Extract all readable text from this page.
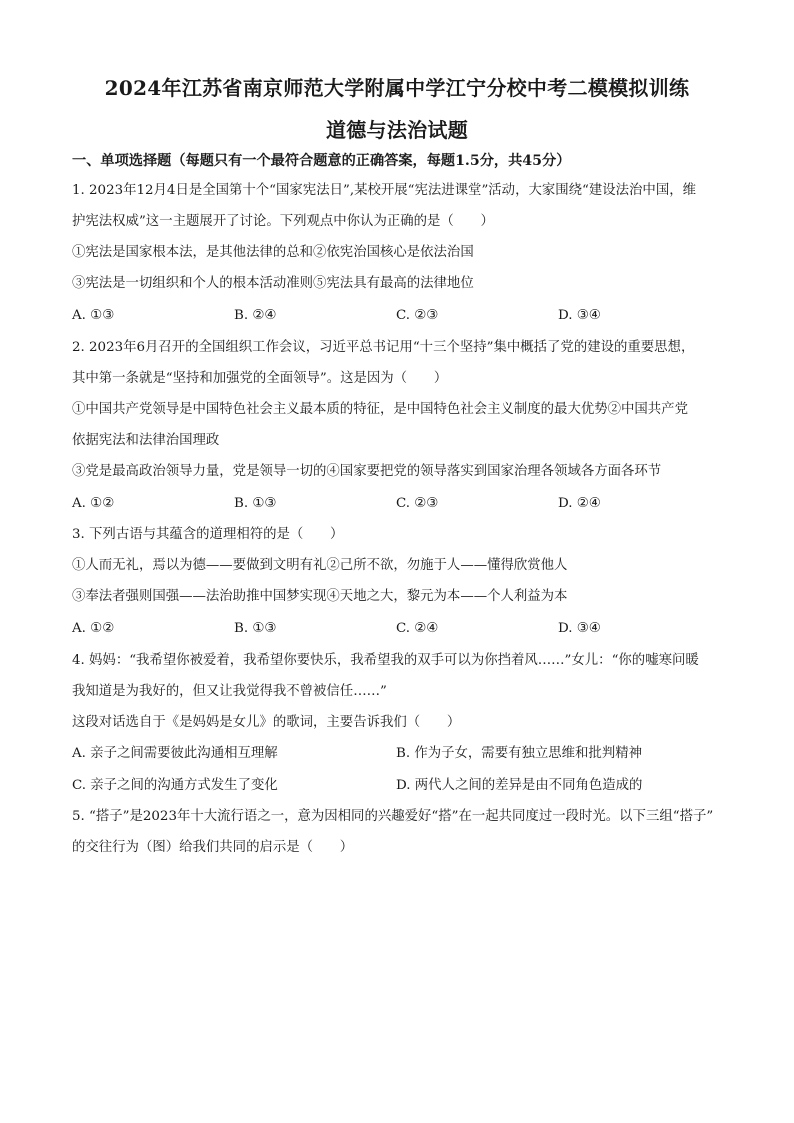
2024年江苏省南京师范大学附属中学江宁分校中考二模模拟训练
道德与法治试题
一、单项选择题（每题只有一个最符合题意的正确答案，每题1.5分，共45分）
1. 2023年12月4日是全国第十个“国家宪法日”,某校开展“宪法进课堂”活动，大家围绕“建设法治中国，维
护宪法权威”这一主题展开了讨论。下列观点中你认为正确的是（　　）
①宪法是国家根本法，是其他法律的总和②依宪治国核心是依法治国
③宪法是一切组织和个人的根本活动准则⑤宪法具有最高的法律地位
A. ①③	B. ②④	C. ②③	D. ③④
2. 2023年6月召开的全国组织工作会议，习近平总书记用“十三个坚持”集中概括了党的建设的重要思想，
其中第一条就是“坚持和加强党的全面领导”。这是因为（　　）
①中国共产党领导是中国特色社会主义最本质的特征，是中国特色社会主义制度的最大优势②中国共产党
依据宪法和法律治国理政
③党是最高政治领导力量，党是领导一切的④国家要把党的领导落实到国家治理各领域各方面各环节
A. ①②	B. ①③	C. ②③	D. ②④
3. 下列古语与其蕴含的道理相符的是（　　）
①人而无礼，焉以为德——要做到文明有礼②己所不欲，勿施于人——懂得欣赏他人
③奉法者强则国强——法治助推中国梦实现④天地之大，黎元为本——个人利益为本
A. ①②	B. ①③	C. ②④	D. ③④
4. 妈妈：“我希望你被爱着，我希望你要快乐，我希望我的双手可以为你挡着风……”女儿：“你的嘘寒问暖
我知道是为我好的，但又让我觉得我不曾被信任……”
这段对话选自于《是妈妈是女儿》的歌词，主要告诉我们（　　）
A. 亲子之间需要彼此沟通相互理解	B. 作为子女，需要有独立思维和批判精神
C. 亲子之间的沟通方式发生了变化	D. 两代人之间的差异是由不同角色造成的
5. “搭子”是2023年十大流行语之一，意为因相同的兴趣爱好“搭”在一起共同度过一段时光。以下三组“搭子”
的交往行为（图）给我们共同的启示是（　　）
